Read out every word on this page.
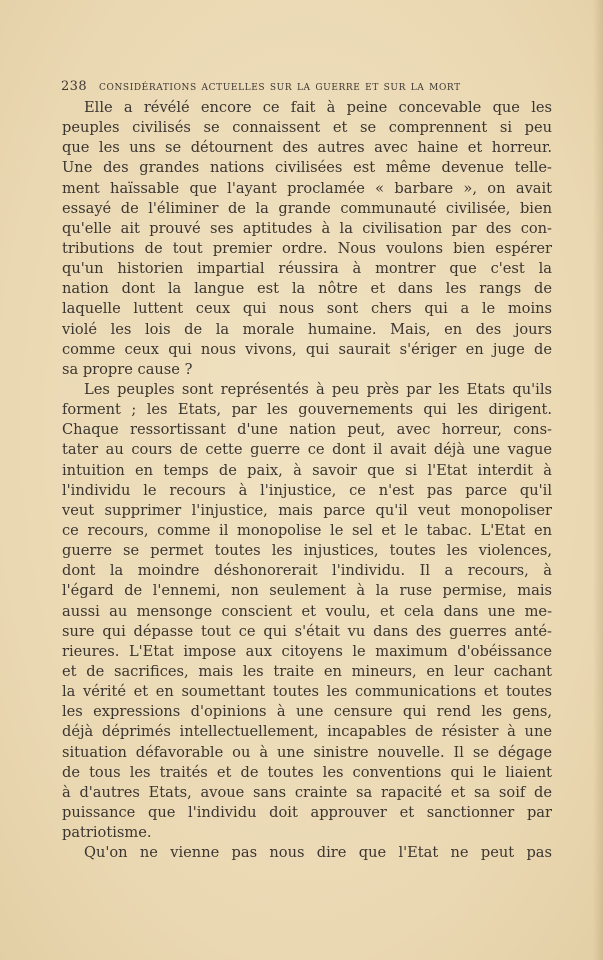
238 considérations actuelles sur la guerre et sur la mort
Elle a révélé encore ce fait à peine concevable que les
peuples civilisés se connaissent et se comprennent si peu
que les uns se détournent des autres avec haine et horreur.
Une des grandes nations civilisées est même devenue telle-
ment haïssable que l'ayant proclamée « barbare », on avait
essayé de l'éliminer de la grande communauté civilisée, bien
qu'elle ait prouvé ses aptitudes à la civilisation par des con-
tributions de tout premier ordre. Nous voulons bien espérer
qu'un historien impartial réussira à montrer que c'est la
nation dont la langue est la nôtre et dans les rangs de
laquelle luttent ceux qui nous sont chers qui a le moins
violé les lois de la morale humaine. Mais, en des jours
comme ceux qui nous vivons, qui saurait s'ériger en juge de
sa propre cause ?
Les peuples sont représentés à peu près par les Etats qu'ils
forment ; les Etats, par les gouvernements qui les dirigent.
Chaque ressortissant d'une nation peut, avec horreur, cons-
tater au cours de cette guerre ce dont il avait déjà une vague
intuition en temps de paix, à savoir que si l'Etat interdit à
l'individu le recours à l'injustice, ce n'est pas parce qu'il
veut supprimer l'injustice, mais parce qu'il veut monopoliser
ce recours, comme il monopolise le sel et le tabac. L'Etat en
guerre se permet toutes les injustices, toutes les violences,
dont la moindre déshonorerait l'individu. Il a recours, à
l'égard de l'ennemi, non seulement à la ruse permise, mais
aussi au mensonge conscient et voulu, et cela dans une me-
sure qui dépasse tout ce qui s'était vu dans des guerres anté-
rieures. L'Etat impose aux citoyens le maximum d'obéissance
et de sacrifices, mais les traite en mineurs, en leur cachant
la vérité et en soumettant toutes les communications et toutes
les expressions d'opinions à une censure qui rend les gens,
déjà déprimés intellectuellement, incapables de résister à une
situation défavorable ou à une sinistre nouvelle. Il se dégage
de tous les traités et de toutes les conventions qui le liaient
à d'autres Etats, avoue sans crainte sa rapacité et sa soif de
puissance que l'individu doit approuver et sanctionner par
patriotisme.
Qu'on ne vienne pas nous dire que l'Etat ne peut pas
